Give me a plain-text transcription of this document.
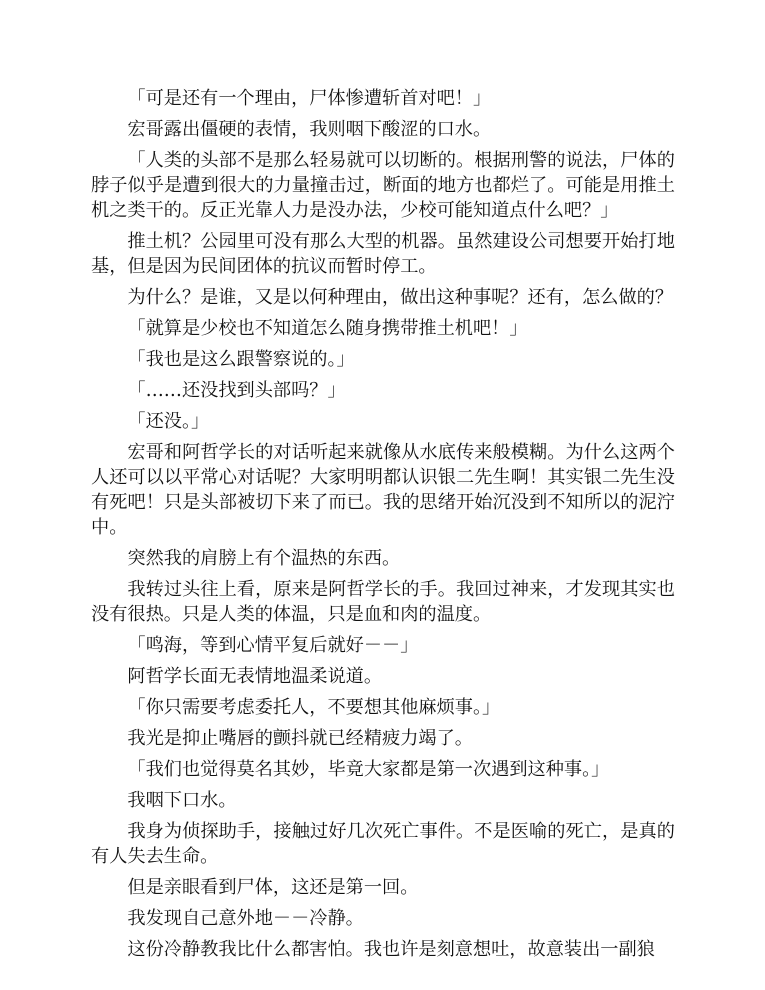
「可是还有一个理由，尸体惨遭斩首对吧！」

宏哥露出僵硬的表情，我则咽下酸涩的口水。

「人类的头部不是那么轻易就可以切断的。根据刑警的说法，尸体的脖子似乎是遭到很大的力量撞击过，断面的地方也都烂了。可能是用推土机之类干的。反正光靠人力是没办法，少校可能知道点什么吧？」

推土机？公园里可没有那么大型的机器。虽然建设公司想要开始打地基，但是因为民间团体的抗议而暂时停工。

为什么？是谁，又是以何种理由，做出这种事呢？还有，怎么做的？

「就算是少校也不知道怎么随身携带推土机吧！」

「我也是这么跟警察说的。」

「……还没找到头部吗？」

「还没。」

宏哥和阿哲学长的对话听起来就像从水底传来般模糊。为什么这两个人还可以以平常心对话呢？大家明明都认识银二先生啊！其实银二先生没有死吧！只是头部被切下来了而已。我的思绪开始沉没到不知所以的泥泞中。

突然我的肩膀上有个温热的东西。

我转过头往上看，原来是阿哲学长的手。我回过神来，才发现其实也没有很热。只是人类的体温，只是血和肉的温度。

「鸣海，等到心情平复后就好－－」

阿哲学长面无表情地温柔说道。

「你只需要考虑委托人，不要想其他麻烦事。」

我光是抑止嘴唇的颤抖就已经精疲力竭了。

「我们也觉得莫名其妙，毕竟大家都是第一次遇到这种事。」

我咽下口水。

我身为侦探助手，接触过好几次死亡事件。不是医喻的死亡，是真的有人失去生命。

但是亲眼看到尸体，这还是第一回。

我发现自己意外地－－冷静。

这份冷静教我比什么都害怕。我也许是刻意想吐，故意装出一副狼
